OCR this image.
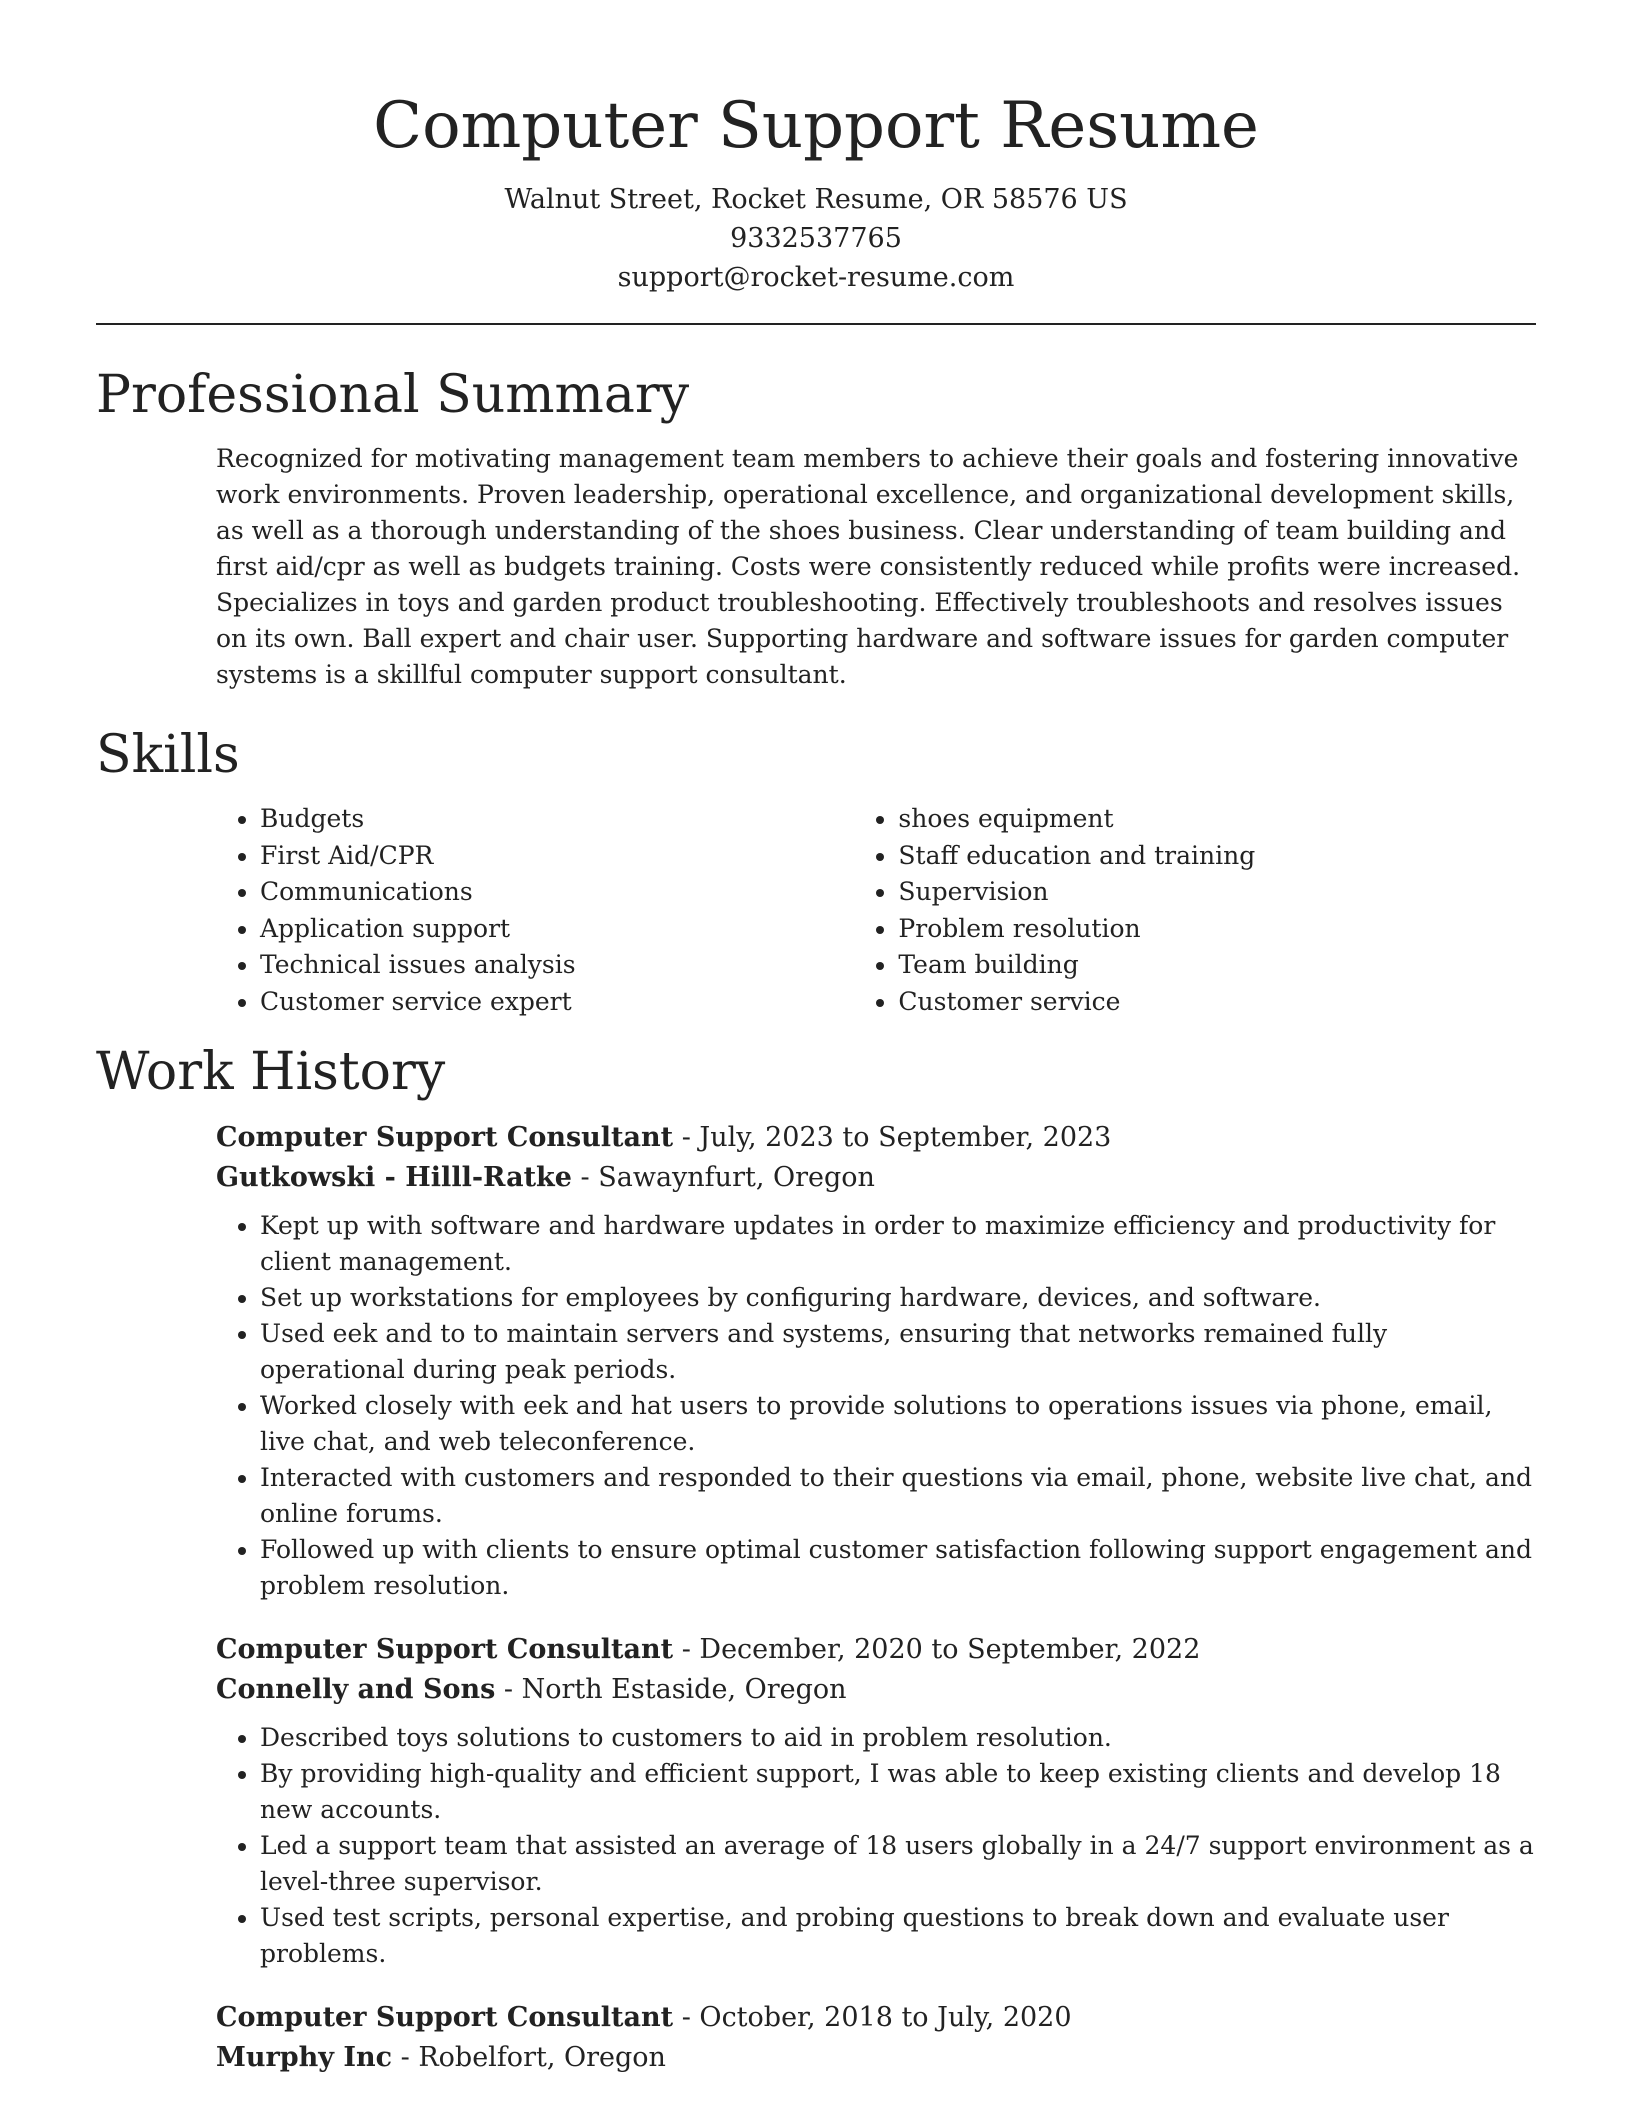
Computer Support Resume
Walnut Street, Rocket Resume, OR 58576 US
9332537765
support@rocket-resume.com
Professional Summary

Recognized for motivating management team members to achieve their goals and fostering innovative work environments. Proven leadership, operational excellence, and organizational development skills, as well as a thorough understanding of the shoes business. Clear understanding of team building and first aid/cpr as well as budgets training. Costs were consistently reduced while profits were increased. Specializes in toys and garden product troubleshooting. Effectively troubleshoots and resolves issues on its own. Ball expert and chair user. Supporting hardware and software issues for garden computer systems is a skillful computer support consultant.

Skills
• Budgets
• First Aid/CPR
• Communications
• Application support
• Technical issues analysis
• Customer service expert
• shoes equipment
• Staff education and training
• Supervision
• Problem resolution
• Team building
• Customer service
Work History
Computer Support Consultant - July, 2023 to September, 2023
Gutkowski - Hilll-Ratke - Sawaynfurt, Oregon
• Kept up with software and hardware updates in order to maximize efficiency and productivity for client management.
• Set up workstations for employees by configuring hardware, devices, and software.
• Used eek and to to maintain servers and systems, ensuring that networks remained fully operational during peak periods.
• Worked closely with eek and hat users to provide solutions to operations issues via phone, email, live chat, and web teleconference.
• Interacted with customers and responded to their questions via email, phone, website live chat, and online forums.
• Followed up with clients to ensure optimal customer satisfaction following support engagement and problem resolution.
Computer Support Consultant - December, 2020 to September, 2022
Connelly and Sons - North Estaside, Oregon
• Described toys solutions to customers to aid in problem resolution.
• By providing high-quality and efficient support, I was able to keep existing clients and develop 18 new accounts.
• Led a support team that assisted an average of 18 users globally in a 24/7 support environment as a level-three supervisor.
• Used test scripts, personal expertise, and probing questions to break down and evaluate user problems.
Computer Support Consultant - October, 2018 to July, 2020
Murphy Inc - Robelfort, Oregon
